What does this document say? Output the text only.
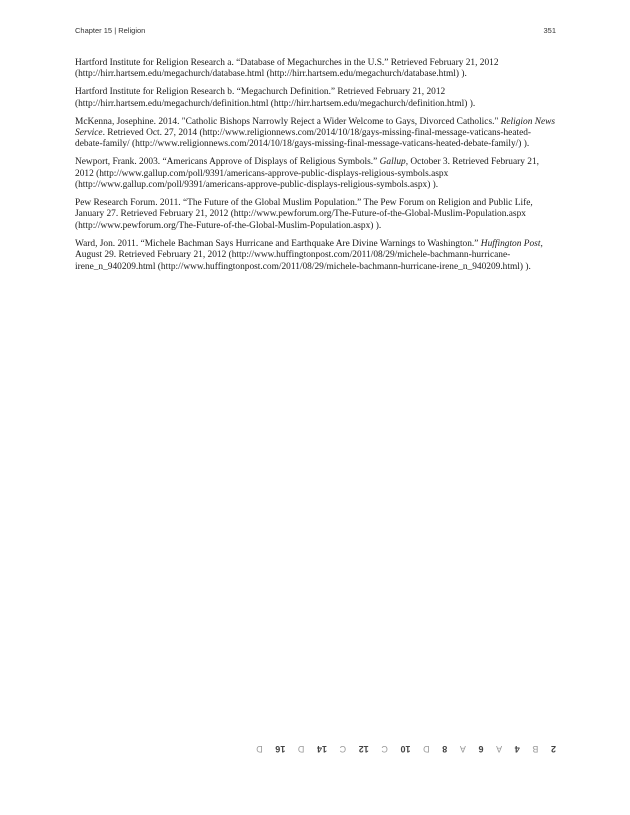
Chapter 15 | Religion	351

Hartford Institute for Religion Research a. “Database of Megachurches in the U.S.” Retrieved February 21, 2012 (http://hirr.hartsem.edu/megachurch/database.html (http://hirr.hartsem.edu/megachurch/database.html) ).

Hartford Institute for Religion Research b. “Megachurch Definition.” Retrieved February 21, 2012 (http://hirr.hartsem.edu/megachurch/definition.html (http://hirr.hartsem.edu/megachurch/definition.html) ).

McKenna, Josephine. 2014. "Catholic Bishops Narrowly Reject a Wider Welcome to Gays, Divorced Catholics." Religion News Service. Retrieved Oct. 27, 2014 (http://www.religionnews.com/2014/10/18/gays-missing-final-message-vaticans-heated-debate-family/ (http://www.religionnews.com/2014/10/18/gays-missing-final-message-vaticans-heated-debate-family/) ).

Newport, Frank. 2003. “Americans Approve of Displays of Religious Symbols.” Gallup, October 3. Retrieved February 21, 2012 (http://www.gallup.com/poll/9391/americans-approve-public-displays-religious-symbols.aspx (http://www.gallup.com/poll/9391/americans-approve-public-displays-religious-symbols.aspx) ).

Pew Research Forum. 2011. “The Future of the Global Muslim Population.” The Pew Forum on Religion and Public Life, January 27. Retrieved February 21, 2012 (http://www.pewforum.org/The-Future-of-the-Global-Muslim-Population.aspx (http://www.pewforum.org/The-Future-of-the-Global-Muslim-Population.aspx) ).

Ward, Jon. 2011. “Michele Bachman Says Hurricane and Earthquake Are Divine Warnings to Washington.” Huffington Post, August 29. Retrieved February 21, 2012 (http://www.huffingtonpost.com/2011/08/29/michele-bachmann-hurricane-irene_n_940209.html (http://www.huffingtonpost.com/2011/08/29/michele-bachmann-hurricane-irene_n_940209.html) ).

2
B
4
A
6
A
8
D
10
C
12
C
14
D
16
D
